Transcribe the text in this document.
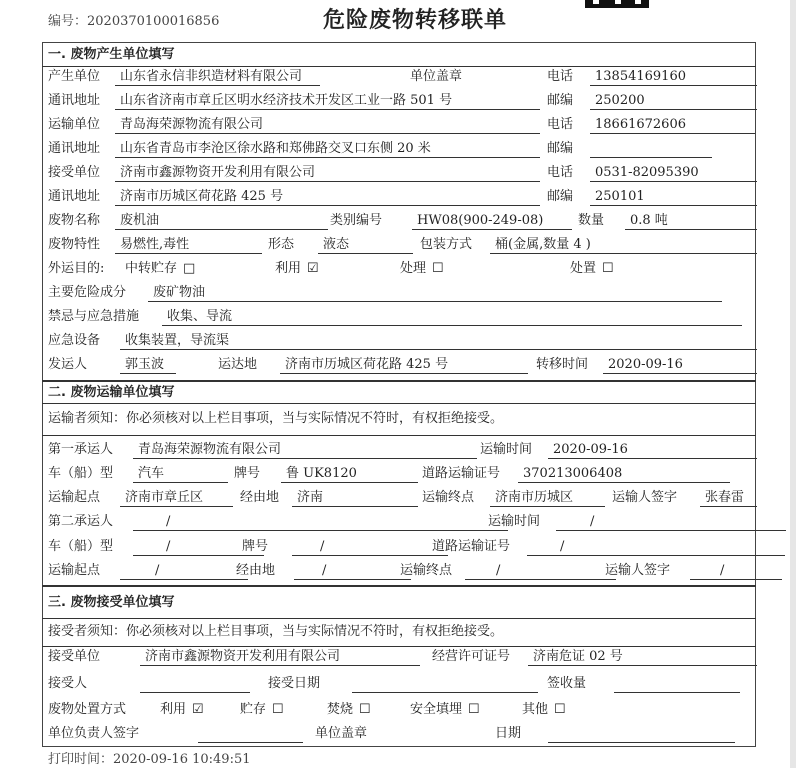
编号：2020370100016856	危险废物转移联单
一. 废物产生单位填写
二. 废物运输单位填写
三. 废物接受单位填写
运输者须知：你必须核对以上栏目事项，当与实际情况不符时，有权拒绝接受。
接受者须知：你必须核对以上栏目事项，当与实际情况不符时，有权拒绝接受。
产生单位	山东省永信非织造材料有限公司	单位盖章	电话	13854169160
通讯地址	山东省济南市章丘区明水经济技术开发区工业一路 501 号	邮编	250200
运输单位	青岛海荣源物流有限公司	电话	18661672606
通讯地址	山东省青岛市李沧区徐水路和郑佛路交叉口东侧 20 米	邮编
接受单位	济南市鑫源物资开发利用有限公司	电话	0531-82095390
通讯地址	济南市历城区荷花路 425 号	邮编	250101
废物名称	废机油	类别编号	HW08(900-249-08)	数量	0.8 吨
废物特性	易燃性,毒性	形态	液态	包装方式	桶(金属,数量 4 )
外运目的: 中转贮存 □	利用 ☑	处理 ☐	处置 ☐
主要危险成分	废矿物油
禁忌与应急措施	收集、导流
应急设备	收集装置，导流渠
发运人	郭玉波	运达地	济南市历城区荷花路 425 号	转移时间	2020-09-16
第一承运人	青岛海荣源物流有限公司	运输时间	2020-09-16
车（船）型	汽车	牌号	鲁 UK8120	道路运输证号	370213006408
运输起点	济南市章丘区	经由地	济南	运输终点	济南市历城区	运输人签字	张春雷
第二承运人	/	运输时间	/
车（船）型	/	牌号	/	道路运输证号	/
运输起点	/	经由地	/	运输终点	/	运输人签字	/
接受单位	济南市鑫源物资开发利用有限公司	经营许可证号	济南危证 02 号
接受人	接受日期	签收量
废物处置方式	利用 ☑	贮存 ☐	焚烧 ☐	安全填埋 ☐	其他 ☐
单位负责人签字	单位盖章	日期
打印时间：2020-09-16 10:49:51
